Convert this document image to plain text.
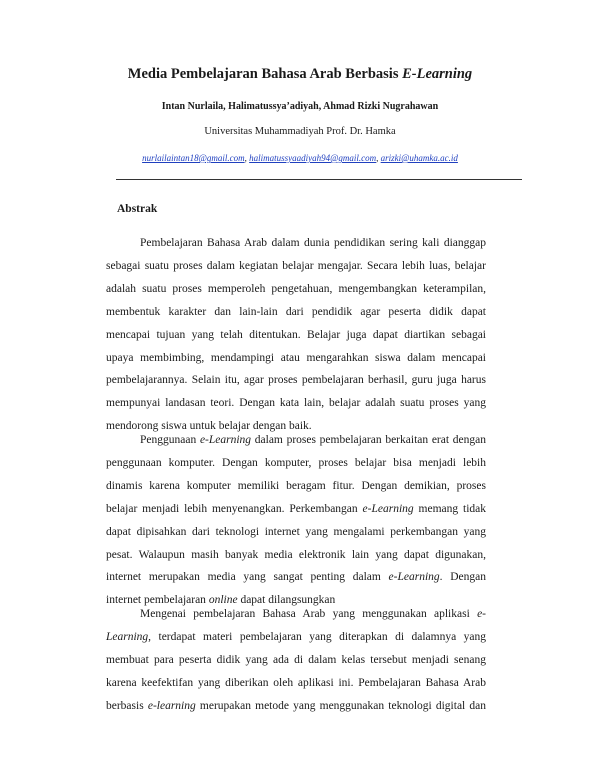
Media Pembelajaran Bahasa Arab Berbasis E-Learning
Intan Nurlaila, Halimatussya’adiyah, Ahmad Rizki Nugrahawan
Universitas Muhammadiyah Prof. Dr. Hamka
nurlailaintan18@gmail.com, halimatussyaadiyah94@gmail.com, arizki@uhamka.ac.id
Abstrak
Pembelajaran Bahasa Arab dalam dunia pendidikan sering kali dianggap
sebagai suatu proses dalam kegiatan belajar mengajar. Secara lebih luas, belajar
adalah suatu proses memperoleh pengetahuan, mengembangkan keterampilan,
membentuk karakter dan lain-lain dari pendidik agar peserta didik dapat
mencapai tujuan yang telah ditentukan. Belajar juga dapat diartikan sebagai
upaya membimbing, mendampingi atau mengarahkan siswa dalam mencapai
pembelajarannya. Selain itu, agar proses pembelajaran berhasil, guru juga harus
mempunyai landasan teori. Dengan kata lain, belajar adalah suatu proses yang
mendorong siswa untuk belajar dengan baik.
Penggunaan e-Learning dalam proses pembelajaran berkaitan erat dengan
penggunaan komputer. Dengan komputer, proses belajar bisa menjadi lebih
dinamis karena komputer memiliki beragam fitur. Dengan demikian, proses
belajar menjadi lebih menyenangkan. Perkembangan e-Learning memang tidak
dapat dipisahkan dari teknologi internet yang mengalami perkembangan yang
pesat. Walaupun masih banyak media elektronik lain yang dapat digunakan,
internet merupakan media yang sangat penting dalam e-Learning. Dengan
internet pembelajaran online dapat dilangsungkan
Mengenai pembelajaran Bahasa Arab yang menggunakan aplikasi e-
Learning, terdapat materi pembelajaran yang diterapkan di dalamnya yang
membuat para peserta didik yang ada di dalam kelas tersebut menjadi senang
karena keefektifan yang diberikan oleh aplikasi ini. Pembelajaran Bahasa Arab
berbasis e-learning merupakan metode yang menggunakan teknologi digital dan
